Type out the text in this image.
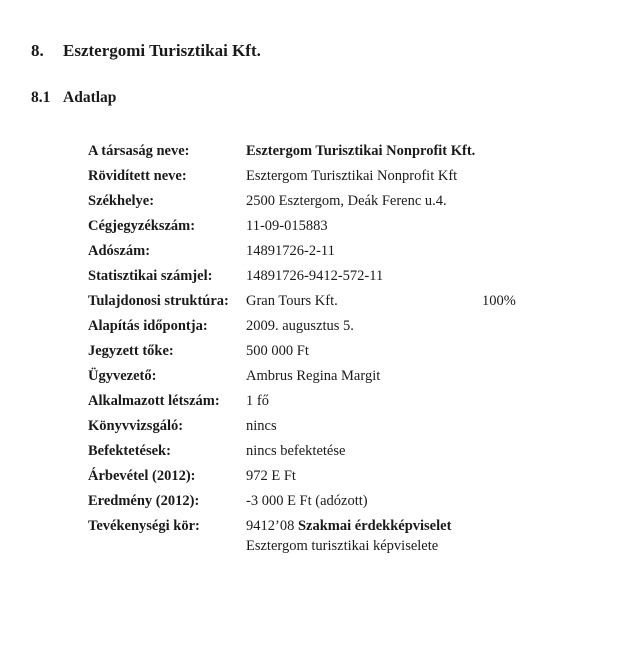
8. Esztergomi Turisztikai Kft.
8.1 Adatlap
A társaság neve:	Esztergom Turisztikai Nonprofit Kft.
Rövidített neve:	Esztergom Turisztikai Nonprofit Kft
Székhelye:	2500 Esztergom, Deák Ferenc u.4.
Cégjegyzékszám:	11-09-015883
Adószám:	14891726-2-11
Statisztikai számjel: 14891726-9412-572-11
Tulajdonosi struktúra: Gran Tours Kft.	100%
Alapítás időpontja:	2009. augusztus 5.
Jegyzett tőke:	500 000 Ft
Ügyvezető:	Ambrus Regina Margit
Alkalmazott létszám: 1 fő
Könyvvizsgáló:	nincs
Befektetések:	nincs befektetése
Árbevétel (2012):	972 E Ft
Eredmény (2012):	-3 000 E Ft (adózott)
Tevékenységi kör:	9412’08 Szakmai érdekképviselet
Esztergom turisztikai képviselete
